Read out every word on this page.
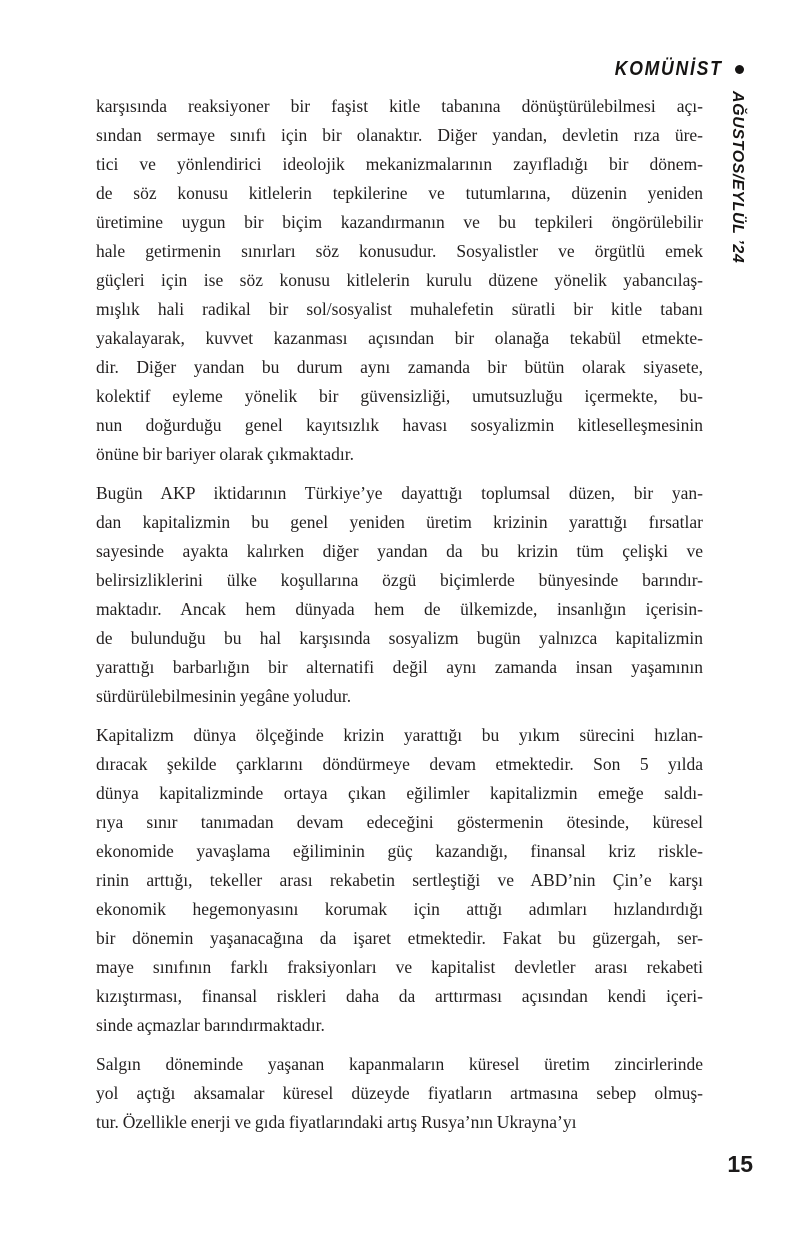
KOMÜNİST
AĞUSTOS/EYLÜL ’24
karşısında reaksiyoner bir faşist kitle tabanına dönüştürülebilmesi açı-
sından sermaye sınıfı için bir olanaktır. Diğer yandan, devletin rıza üre-
tici ve yönlendirici ideolojik mekanizmalarının zayıfladığı bir dönem-
de söz konusu kitlelerin tepkilerine ve tutumlarına, düzenin yeniden
üretimine uygun bir biçim kazandırmanın ve bu tepkileri öngörülebilir
hale getirmenin sınırları söz konusudur. Sosyalistler ve örgütlü emek
güçleri için ise söz konusu kitlelerin kurulu düzene yönelik yabancılaş-
mışlık hali radikal bir sol/sosyalist muhalefetin süratli bir kitle tabanı
yakalayarak, kuvvet kazanması açısından bir olanağa tekabül etmekte-
dir. Diğer yandan bu durum aynı zamanda bir bütün olarak siyasete,
kolektif eyleme yönelik bir güvensizliği, umutsuzluğu içermekte, bu-
nun doğurduğu genel kayıtsızlık havası sosyalizmin kitleselleşmesinin
önüne bir bariyer olarak çıkmaktadır.
Bugün AKP iktidarının Türkiye’ye dayattığı toplumsal düzen, bir yan-
dan kapitalizmin bu genel yeniden üretim krizinin yarattığı fırsatlar
sayesinde ayakta kalırken diğer yandan da bu krizin tüm çelişki ve
belirsizliklerini ülke koşullarına özgü biçimlerde bünyesinde barındır-
maktadır. Ancak hem dünyada hem de ülkemizde, insanlığın içerisin-
de bulunduğu bu hal karşısında sosyalizm bugün yalnızca kapitalizmin
yarattığı barbarlığın bir alternatifi değil aynı zamanda insan yaşamının
sürdürülebilmesinin yegâne yoludur.
Kapitalizm dünya ölçeğinde krizin yarattığı bu yıkım sürecini hızlan-
dıracak şekilde çarklarını döndürmeye devam etmektedir. Son 5 yılda
dünya kapitalizminde ortaya çıkan eğilimler kapitalizmin emeğe saldı-
rıya sınır tanımadan devam edeceğini göstermenin ötesinde, küresel
ekonomide yavaşlama eğiliminin güç kazandığı, finansal kriz riskle-
rinin arttığı, tekeller arası rekabetin sertleştiği ve ABD’nin Çin’e karşı
ekonomik hegemonyasını korumak için attığı adımları hızlandırdığı
bir dönemin yaşanacağına da işaret etmektedir. Fakat bu güzergah, ser-
maye sınıfının farklı fraksiyonları ve kapitalist devletler arası rekabeti
kızıştırması, finansal riskleri daha da arttırması açısından kendi içeri-
sinde açmazlar barındırmaktadır.
Salgın döneminde yaşanan kapanmaların küresel üretim zincirlerinde
yol açtığı aksamalar küresel düzeyde fiyatların artmasına sebep olmuş-
tur. Özellikle enerji ve gıda fiyatlarındaki artış Rusya’nın Ukrayna’yı
15
